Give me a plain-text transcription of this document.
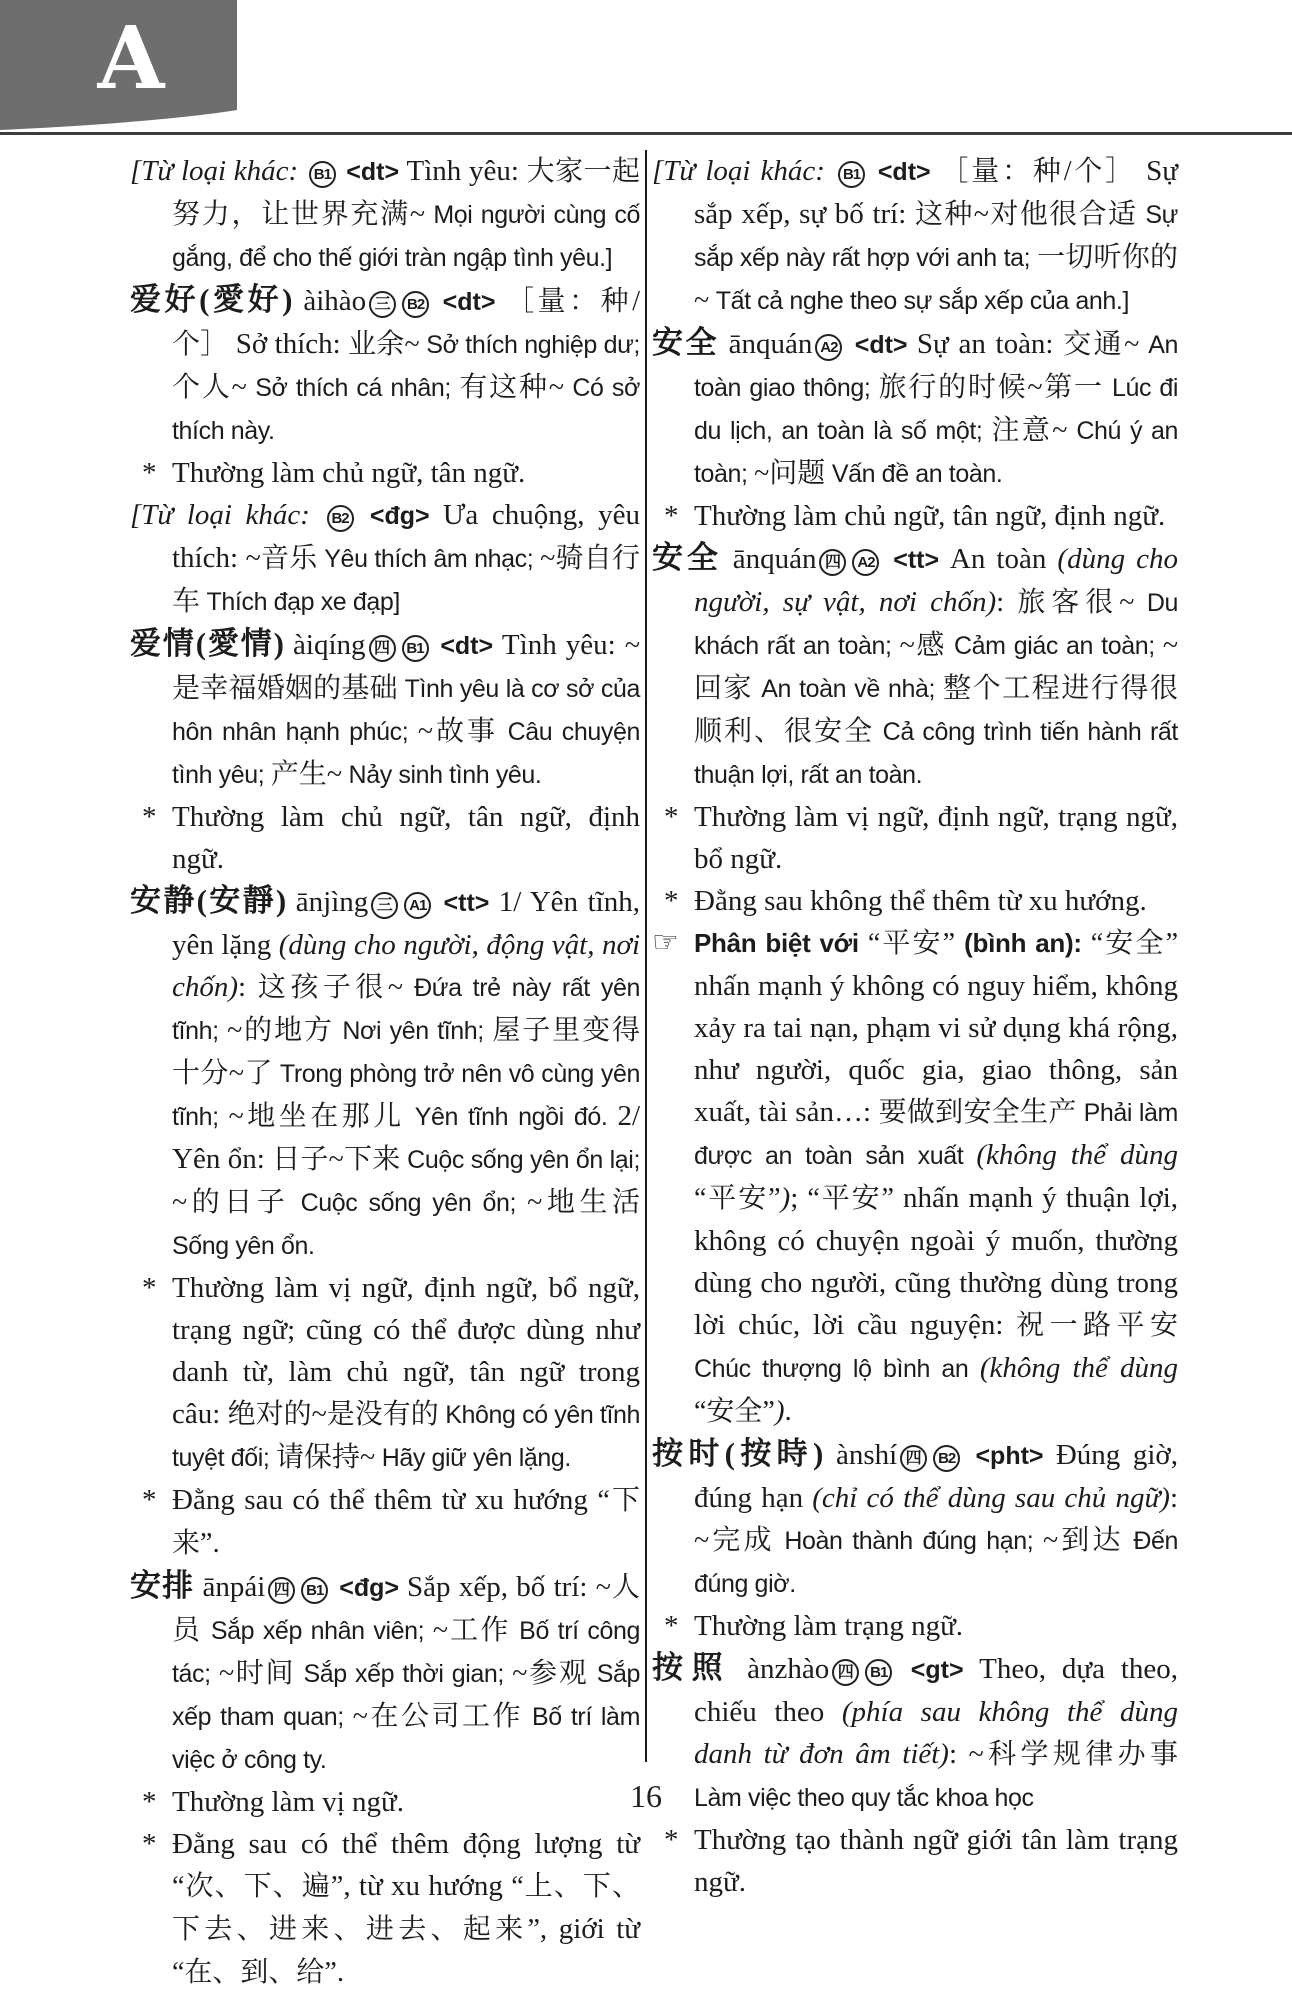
A
[Từ loại khác: B1 <dt> Tình yêu: 大家一起努力，让世界充满~ Mọi người cùng cố gắng, để cho thế giới tràn ngập tình yêu.]
爱好(愛好) àihào 三 B2 <dt> ［量：种/个］ Sở thích: 业余~ Sở thích nghiệp dư; 个人~ Sở thích cá nhân; 有这种~ Có sở thích này.
* Thường làm chủ ngữ, tân ngữ.
[Từ loại khác: B2 <đg> Ưa chuộng, yêu thích: ~音乐 Yêu thích âm nhạc; ~骑自行车 Thích đạp xe đạp]
爱情(愛情) àiqíng 四 B1 <dt> Tình yêu: ~是幸福婚姻的基础 Tình yêu là cơ sở của hôn nhân hạnh phúc; ~故事 Câu chuyện tình yêu; 产生~ Nảy sinh tình yêu.
* Thường làm chủ ngữ, tân ngữ, định ngữ.
安静(安靜) ānjìng 三 A1 <tt> 1/ Yên tĩnh, yên lặng (dùng cho người, động vật, nơi chốn): 这孩子很~ Đứa trẻ này rất yên tĩnh; ~的地方 Nơi yên tĩnh; 屋子里变得十分~了 Trong phòng trở nên vô cùng yên tĩnh; ~地坐在那儿 Yên tĩnh ngồi đó. 2/ Yên ổn: 日子~下来 Cuộc sống yên ổn lại; ~的日子 Cuộc sống yên ổn; ~地生活 Sống yên ổn.
* Thường làm vị ngữ, định ngữ, bổ ngữ, trạng ngữ; cũng có thể được dùng như danh từ, làm chủ ngữ, tân ngữ trong câu: 绝对的~是没有的 Không có yên tĩnh tuyệt đối; 请保持~ Hãy giữ yên lặng.
* Đằng sau có thể thêm từ xu hướng “下来”.
安排 ānpái 四 B1 <đg> Sắp xếp, bố trí: ~人员 Sắp xếp nhân viên; ~工作 Bố trí công tác; ~时间 Sắp xếp thời gian; ~参观 Sắp xếp tham quan; ~在公司工作 Bố trí làm việc ở công ty.
* Thường làm vị ngữ.
* Đằng sau có thể thêm động lượng từ “次、下、遍”, từ xu hướng “上、下、下去、进来、进去、起来”, giới từ “在、到、给”.
[Từ loại khác: B1 <dt> ［量：种/个］ Sự sắp xếp, sự bố trí: 这种~对他很合适 Sự sắp xếp này rất hợp với anh ta; 一切听你的~ Tất cả nghe theo sự sắp xếp của anh.]
安全 ānquán A2 <dt> Sự an toàn: 交通~ An toàn giao thông; 旅行的时候~第一 Lúc đi du lịch, an toàn là số một; 注意~ Chú ý an toàn; ~问题 Vấn đề an toàn.
* Thường làm chủ ngữ, tân ngữ, định ngữ.
安全 ānquán 四 A2 <tt> An toàn (dùng cho người, sự vật, nơi chốn): 旅客很~ Du khách rất an toàn; ~感 Cảm giác an toàn; ~回家 An toàn về nhà; 整个工程进行得很顺利、很安全 Cả công trình tiến hành rất thuận lợi, rất an toàn.
* Thường làm vị ngữ, định ngữ, trạng ngữ, bổ ngữ.
* Đằng sau không thể thêm từ xu hướng.
☞ Phân biệt với “平安” (bình an): “安全” nhấn mạnh ý không có nguy hiểm, không xảy ra tai nạn, phạm vi sử dụng khá rộng, như người, quốc gia, giao thông, sản xuất, tài sản…: 要做到安全生产 Phải làm được an toàn sản xuất (không thể dùng “平安”); “平安” nhấn mạnh ý thuận lợi, không có chuyện ngoài ý muốn, thường dùng cho người, cũng thường dùng trong lời chúc, lời cầu nguyện: 祝一路平安 Chúc thượng lộ bình an (không thể dùng “安全”).
按时(按時) ànshí 四 B2 <pht> Đúng giờ, đúng hạn (chỉ có thể dùng sau chủ ngữ): ~完成 Hoàn thành đúng hạn; ~到达 Đến đúng giờ.
* Thường làm trạng ngữ.
按照 ànzhào 四 B1 <gt> Theo, dựa theo, chiếu theo (phía sau không thể dùng danh từ đơn âm tiết): ~科学规律办事 Làm việc theo quy tắc khoa học
* Thường tạo thành ngữ giới tân làm trạng ngữ.
16
